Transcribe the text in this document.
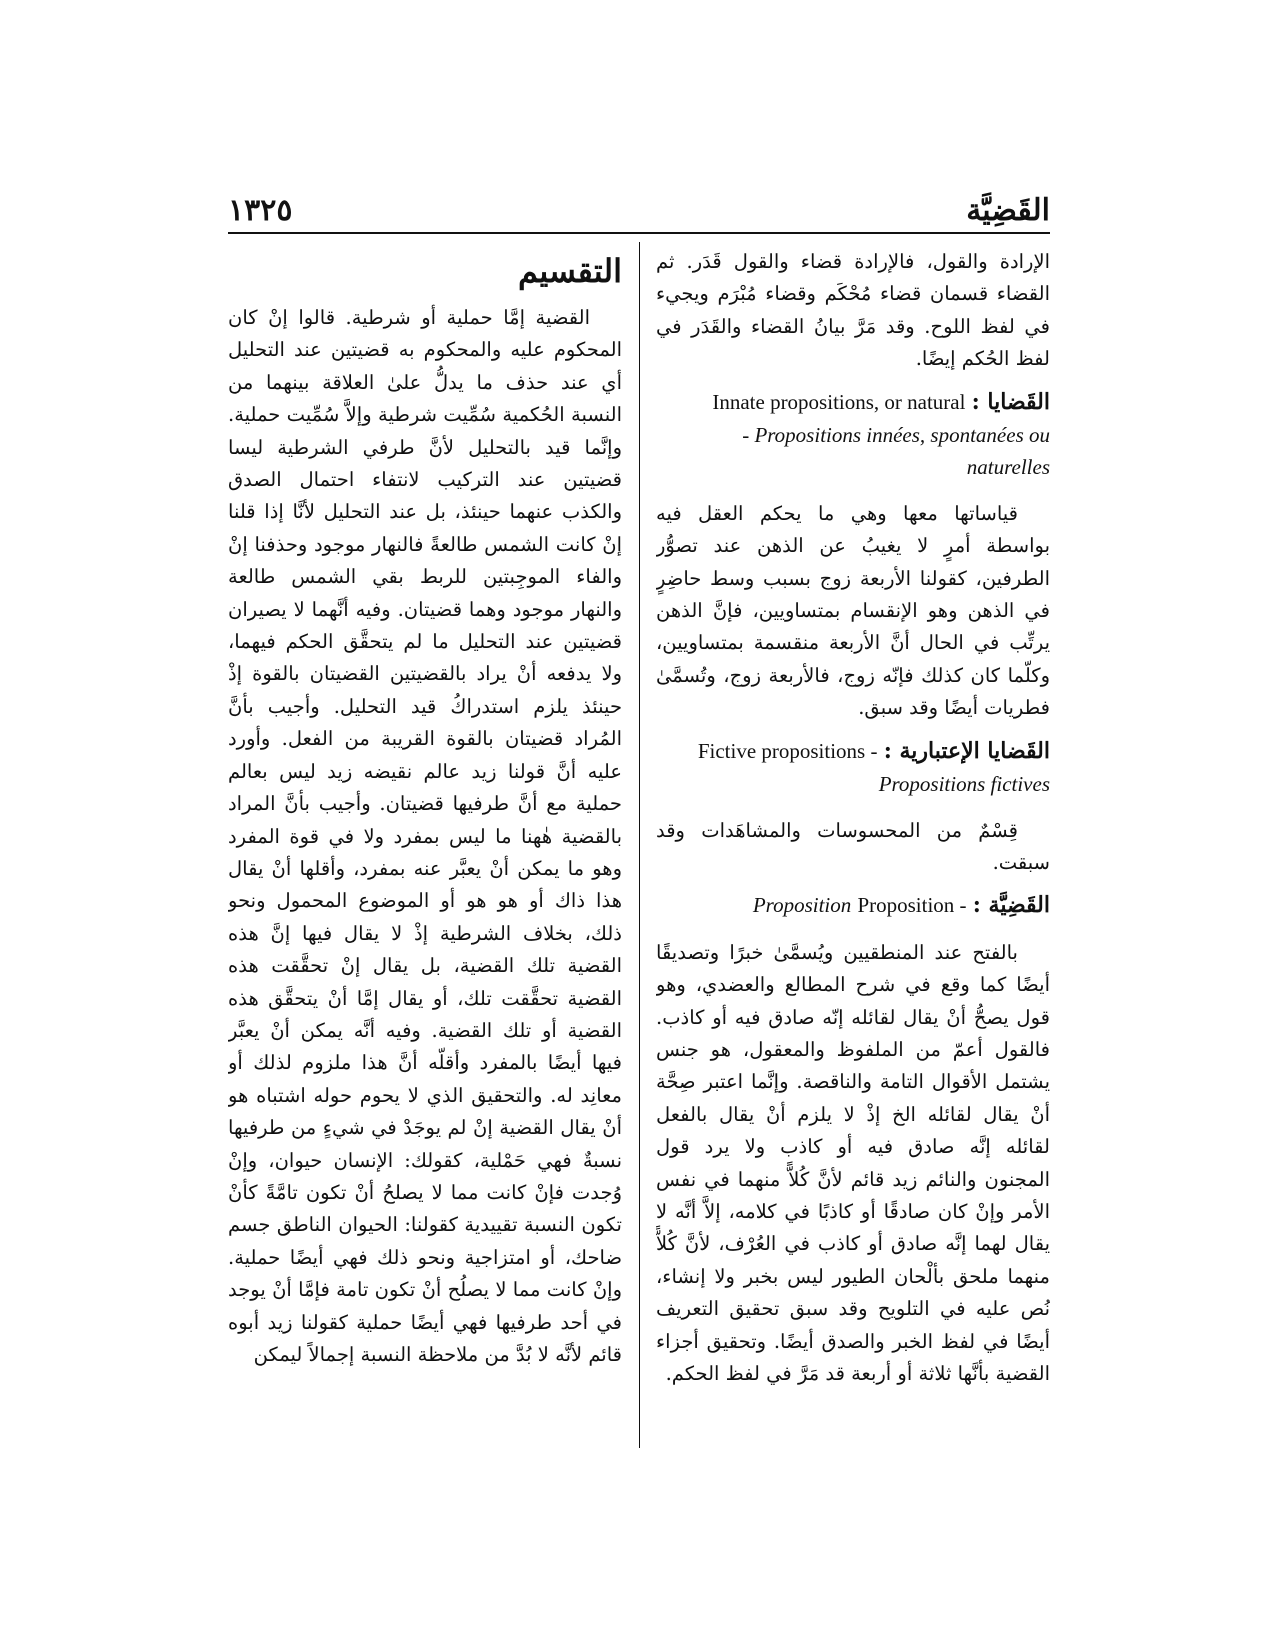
١٣٢٥	القَضِيَّة
التقسيم

القضية إمَّا حملية أو شرطية. قالوا إنْ كان المحكوم عليه والمحكوم به قضيتين عند التحليل أي عند حذف ما يدلُّ علىٰ العلاقة بينهما من النسبة الحُكمية سُمِّيت شرطية وإلاَّ سُمِّيت حملية. وإنَّما قيد بالتحليل لأنَّ طرفي الشرطية ليسا قضيتين عند التركيب لانتفاء احتمال الصدق والكذب عنهما حينئذ، بل عند التحليل لأنَّا إذا قلنا إنْ كانت الشمس طالعةً فالنهار موجود وحذفنا إنْ والفاء الموجِبتين للربط بقي الشمس طالعة والنهار موجود وهما قضيتان. وفيه أنَّهما لا يصيران قضيتين عند التحليل ما لم يتحقَّق الحكم فيهما، ولا يدفعه أنْ يراد بالقضيتين القضيتان بالقوة إذْ حينئذ يلزم استدراكُ قيد التحليل. وأجيب بأنَّ المُراد قضيتان بالقوة القريبة من الفعل. وأورد عليه أنَّ قولنا زيد عالم نقيضه زيد ليس بعالم حملية مع أنَّ طرفيها قضيتان. وأجيب بأنَّ المراد بالقضية هٰهنا ما ليس بمفرد ولا في قوة المفرد وهو ما يمكن أنْ يعبَّر عنه بمفرد، وأقلها أنْ يقال هذا ذاك أو هو هو أو الموضوع المحمول ونحو ذلك، بخلاف الشرطية إذْ لا يقال فيها إنَّ هذه القضية تلك القضية، بل يقال إنْ تحقَّقت هذه القضية تحقَّقت تلك، أو يقال إمَّا أنْ يتحقَّق هذه القضية أو تلك القضية. وفيه أنَّه يمكن أنْ يعبَّر فيها أيضًا بالمفرد وأقلّه أنَّ هذا ملزوم لذلك أو معانِد له. والتحقيق الذي لا يحوم حوله اشتباه هو أنْ يقال القضية إنْ لم يوجَدْ في شيءٍ من طرفيها نسبةٌ فهي حَمْلية، كقولك: الإنسان حيوان، وإنْ وُجدت فإنْ كانت مما لا يصلحُ أنْ تكون تامَّةً كأنْ تكون النسبة تقييدية كقولنا: الحيوان الناطق جسم ضاحك، أو امتزاجية ونحو ذلك فهي أيضًا حملية. وإنْ كانت مما لا يصلُح أنْ تكون تامة فإمَّا أنْ يوجد في أحد طرفيها فهي أيضًا حملية كقولنا زيد أبوه قائم لأنَّه لا بُدَّ من ملاحظة النسبة إجمالاً ليمكن

الإرادة والقول، فالإرادة قضاء والقول قَدَر. ثم القضاء قسمان قضاء مُحْكَم وقضاء مُبْرَم ويجيء في لفظ اللوح. وقد مَرَّ بيانُ القضاء والقَدَر في لفظ الحُكم إيضًا.

القَضايا : Innate propositions, or natural
- Propositions innées, spontanées ou naturelles

قياساتها معها وهي ما يحكم العقل فيه بواسطة أمرٍ لا يغيبُ عن الذهن عند تصوُّر الطرفين، كقولنا الأربعة زوج بسبب وسط حاضِرٍ في الذهن وهو الإنقسام بمتساويين، فإنَّ الذهن يرتِّب في الحال أنَّ الأربعة منقسمة بمتساويين، وكلّما كان كذلك فإنّه زوج، فالأربعة زوج، وتُسمَّىٰ فطريات أيضًا وقد سبق.

القَضايا الإعتبارية : Fictive propositions -
Propositions fictives

قِسْمٌ من المحسوسات والمشاهَدات وقد سبقت.

القَضِيَّة : Proposition - Proposition

بالفتح عند المنطقيين ويُسمَّىٰ خبرًا وتصديقًا أيضًا كما وقع في شرح المطالع والعضدي، وهو قول يصحُّ أنْ يقال لقائله إنّه صادق فيه أو كاذب. فالقول أعمّ من الملفوظ والمعقول، هو جنس يشتمل الأقوال التامة والناقصة. وإنَّما اعتبر صِحَّة أنْ يقال لقائله الخ إذْ لا يلزم أنْ يقال بالفعل لقائله إنَّه صادق فيه أو كاذب ولا يرد قول المجنون والنائم زيد قائم لأنَّ كُلاًّ منهما في نفس الأمر وإنْ كان صادقًا أو كاذبًا في كلامه، إلاَّ أنَّه لا يقال لهما إنَّه صادق أو كاذب في العُرْف، لأنَّ كُلاًّ منهما ملحق بألْحان الطيور ليس بخبر ولا إنشاء، نُص عليه في التلويح وقد سبق تحقيق التعريف أيضًا في لفظ الخبر والصدق أيضًا. وتحقيق أجزاء القضية بأنَّها ثلاثة أو أربعة قد مَرَّ في لفظ الحكم.
